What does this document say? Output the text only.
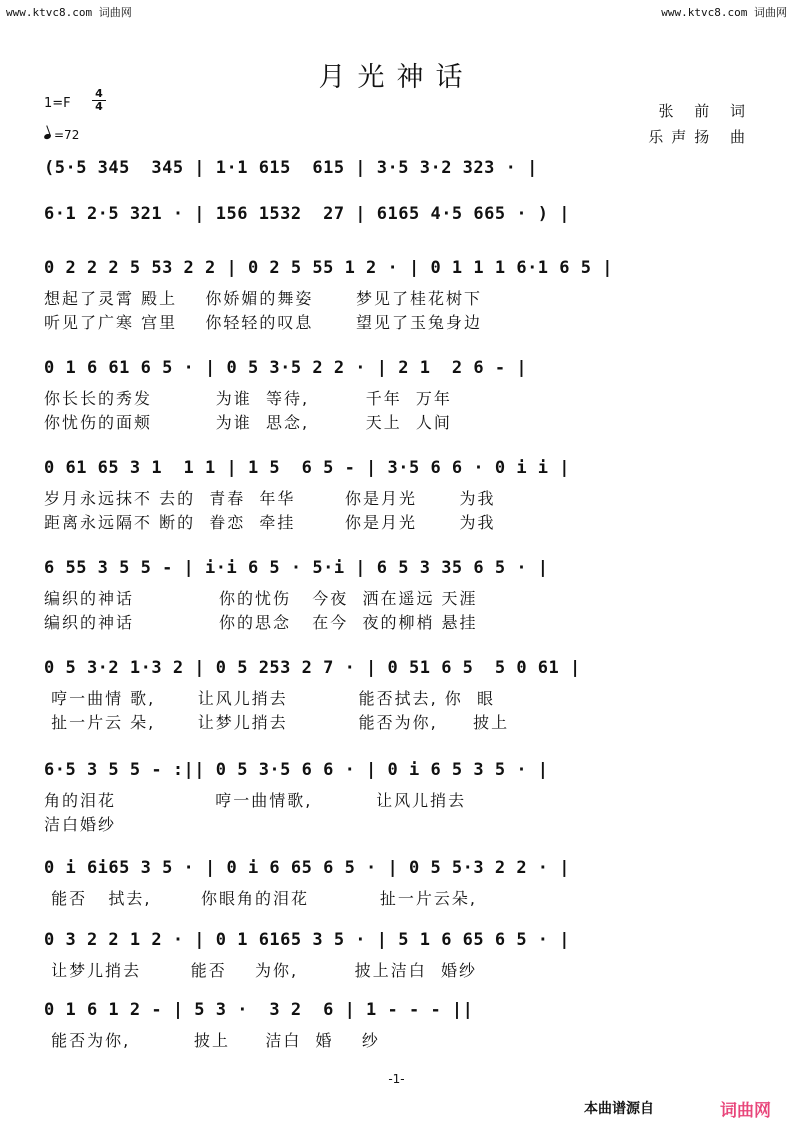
www.ktvc8.com 词曲网	www.ktvc8.com 词曲网
月光神话
1=F
4
4
=72
张 前 词
乐声扬 曲
(5·5 345  345 | 1·1 615  615 | 3·5 3·2 323 · |
6·1 2·5 321 · | 156 1532  27 | 6165 4·5 665 · ) |
0 2 2 2 5 53 2 2 | 0 2 5 55 1 2 · | 0 1 1 1 6·1 6 5 |
想起了灵霄 殿上    你娇媚的舞姿      梦见了桂花树下
听见了广寒 宫里    你轻轻的叹息      望见了玉兔身边
0 1 6 61 6 5 · | 0 5 3·5 2 2 · | 2 1  2 6 - |
你长长的秀发         为谁  等待,        千年  万年
你忧伤的面颊         为谁  思念,        天上  人间
0 61 65 3 1  1 1 | 1 5  6 5 - | 3·5 6 6 · 0 i i |
岁月永远抹不 去的  青春  年华       你是月光      为我
距离永远隔不 断的  眷恋  牵挂       你是月光      为我
6 55 3 5 5 - | i·i 6 5 · 5·i | 6 5 3 35 6 5 · |
编织的神话            你的忧伤   今夜  洒在遥远 天涯
编织的神话            你的思念   在今  夜的柳梢 悬挂
0 5 3·2 1·3 2 | 0 5 253 2 7 · | 0 51 6 5  5 0 61 |
哼一曲情 歌,      让风儿捎去          能否拭去, 你  眼
扯一片云 朵,      让梦儿捎去          能否为你,     披上
6·5 3 5 5 - :|| 0 5 3·5 6 6 · | 0 i 6 5 3 5 · |
角的泪花              哼一曲情歌,         让风儿捎去
洁白婚纱
0 i 6i65 3 5 · | 0 i 6 65 6 5 · | 0 5 5·3 2 2 · |
能否   拭去,       你眼角的泪花          扯一片云朵,
0 3 2 2 1 2 · | 0 1 6165 3 5 · | 5 1 6 65 6 5 · |
让梦儿捎去       能否    为你,        披上洁白  婚纱
0 1 6 1 2 - | 5 3 ·  3 2  6 | 1 - - - ||
能否为你,         披上     洁白  婚    纱
-1-
本曲谱源自	词曲网
